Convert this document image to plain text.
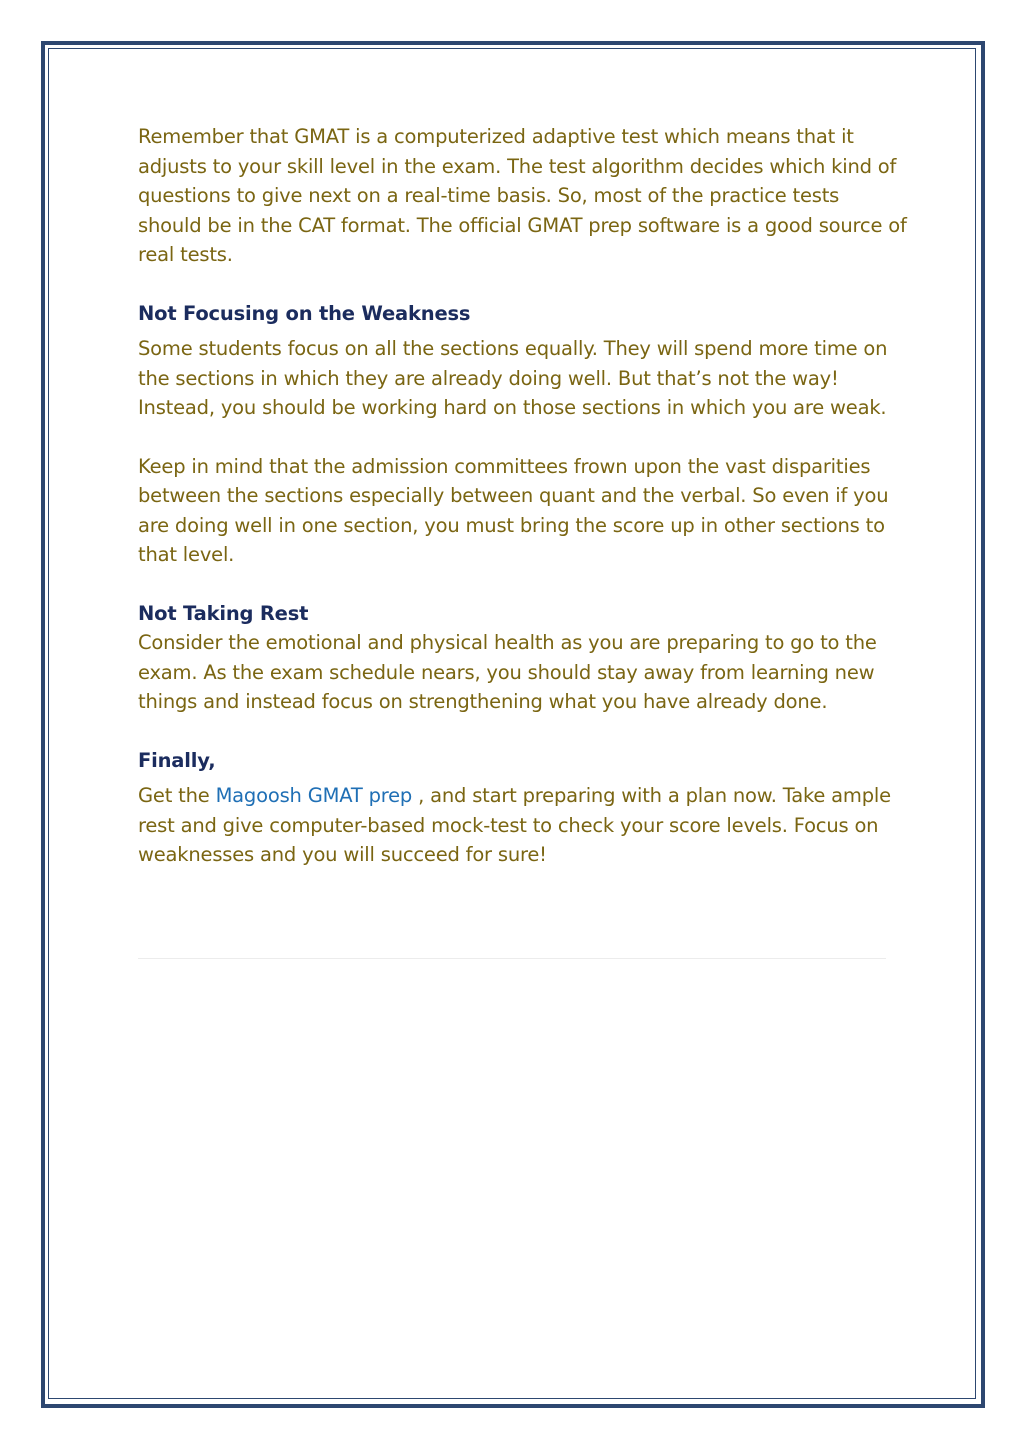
Remember that GMAT is a computerized adaptive test which means that it adjusts to your skill level in the exam. The test algorithm decides which kind of questions to give next on a real-time basis. So, most of the practice tests should be in the CAT format. The official GMAT prep software is a good source of real tests.

Not Focusing on the Weakness

Some students focus on all the sections equally. They will spend more time on the sections in which they are already doing well. But that’s not the way! Instead, you should be working hard on those sections in which you are weak.

Keep in mind that the admission committees frown upon the vast disparities between the sections especially between quant and the verbal. So even if you are doing well in one section, you must bring the score up in other sections to that level.

Not Taking Rest

Consider the emotional and physical health as you are preparing to go to the exam. As the exam schedule nears, you should stay away from learning new things and instead focus on strengthening what you have already done.

Finally,

Get the Magoosh GMAT prep , and start preparing with a plan now. Take ample rest and give computer-based mock-test to check your score levels. Focus on weaknesses and you will succeed for sure!
